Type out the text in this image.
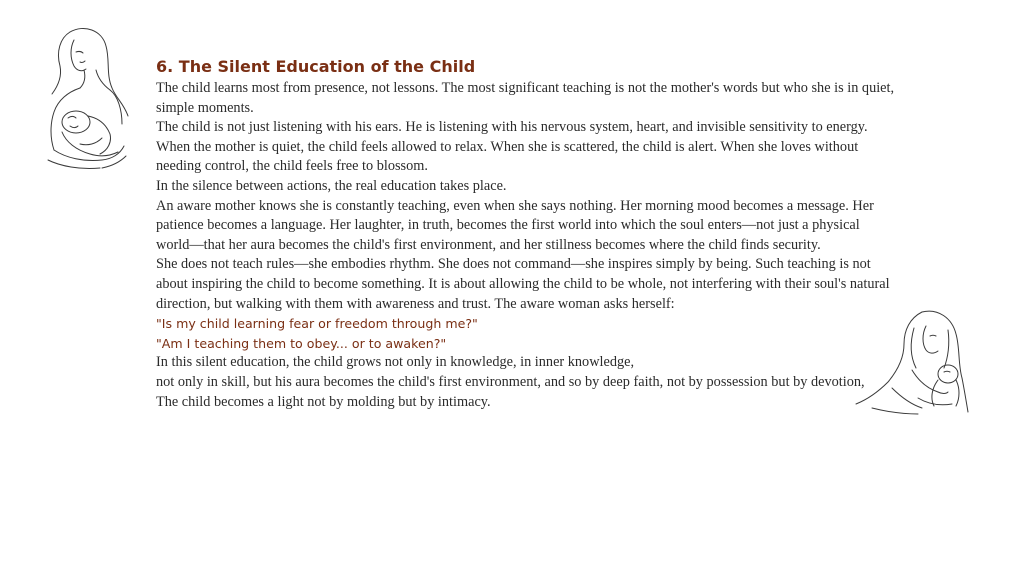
6. The Silent Education of the Child

The child learns most from presence, not lessons. The most significant teaching is not the mother's words but who she is in quiet, simple moments.

The child is not just listening with his ears. He is listening with his nervous system, heart, and invisible sensitivity to energy.

When the mother is quiet, the child feels allowed to relax. When she is scattered, the child is alert. When she loves without needing control, the child feels free to blossom.

In the silence between actions, the real education takes place.

An aware mother knows she is constantly teaching, even when she says nothing. Her morning mood becomes a message. Her patience becomes a language. Her laughter, in truth, becomes the first world into which the soul enters—not just a physical world—that her aura becomes the child's first environment, and her stillness becomes where the child finds security.

She does not teach rules—she embodies rhythm. She does not command—she inspires simply by being. Such teaching is not about inspiring the child to become something. It is about allowing the child to be whole, not interfering with their soul's natural direction, but walking with them with awareness and trust. The aware woman asks herself:

"Is my child learning fear or freedom through me?"

"Am I teaching them to obey... or to awaken?"

In this silent education, the child grows not only in knowledge, in inner knowledge,

not only in skill, but his aura becomes the child's first environment, and so by deep faith, not by possession but by devotion,

The child becomes a light not by molding but by intimacy.
